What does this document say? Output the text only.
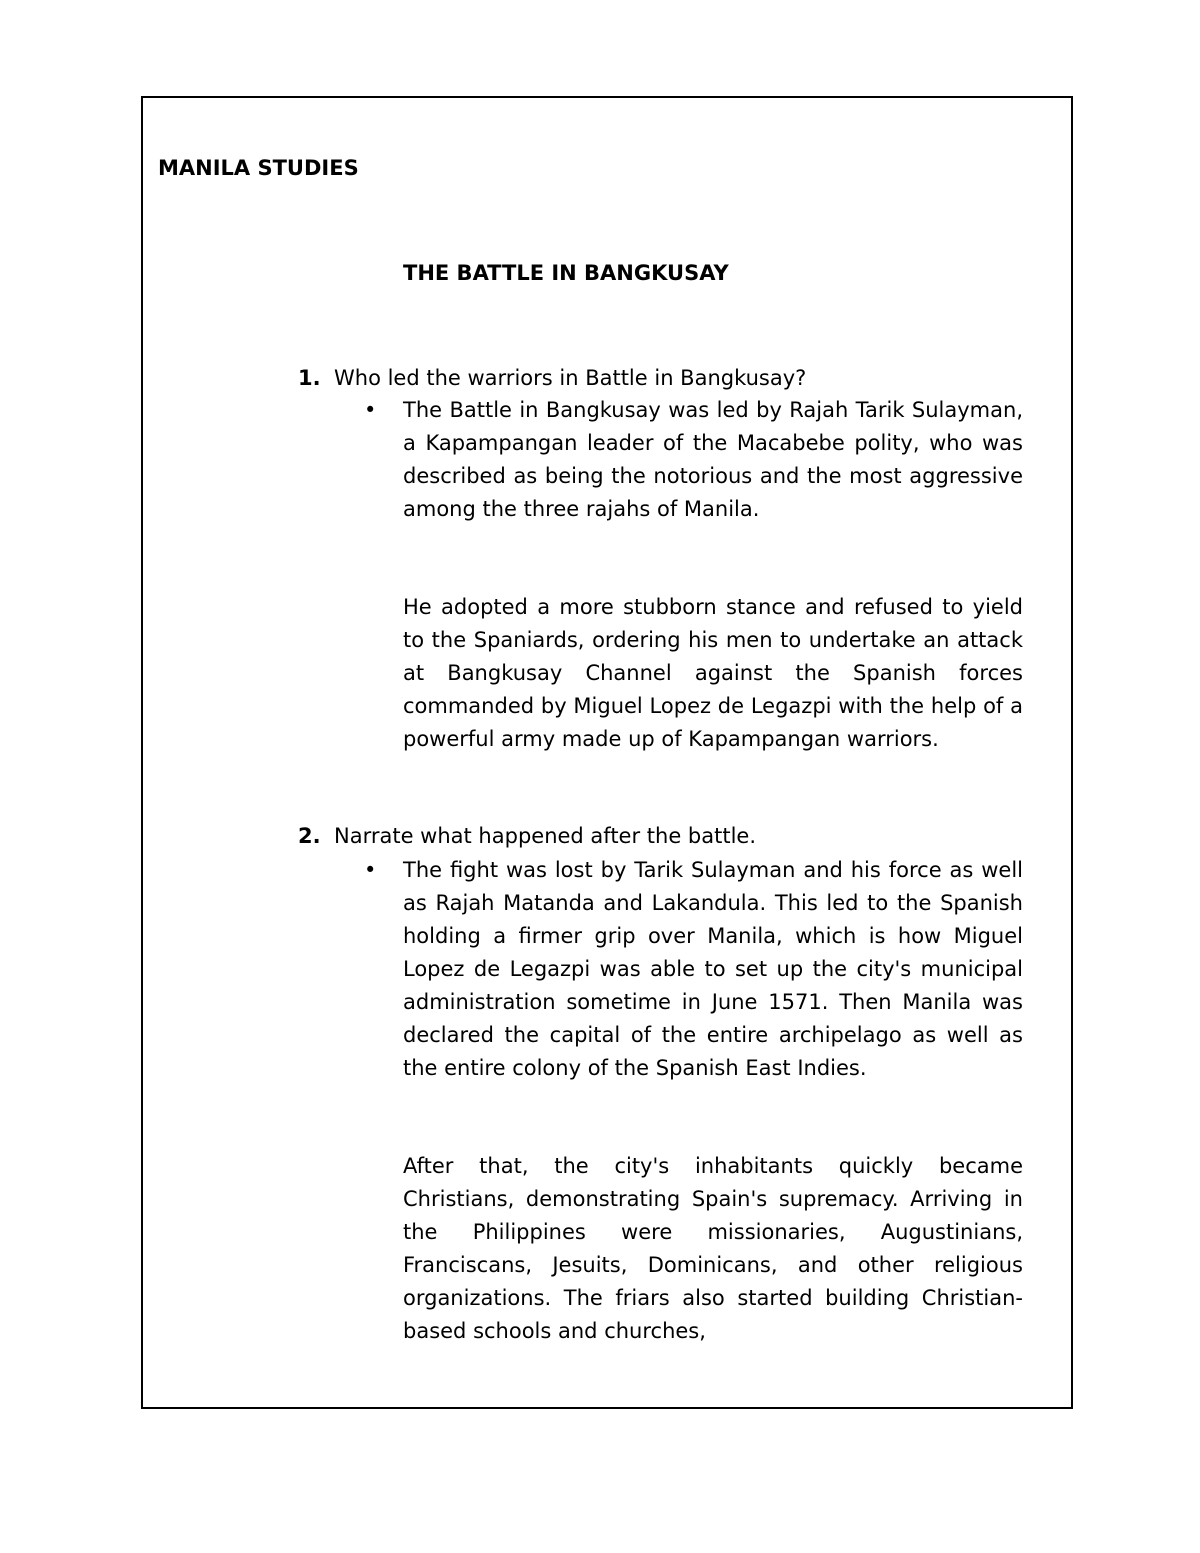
MANILA STUDIES
THE BATTLE IN BANGKUSAY
1. Who led the warriors in Battle in Bangkusay?
• The Battle in Bangkusay was led by Rajah Tarik Sulayman, a Kapampangan leader of the Macabebe polity, who was described as being the notorious and the most aggressive among the three rajahs of Manila.
He adopted a more stubborn stance and refused to yield to the Spaniards, ordering his men to undertake an attack at Bangkusay Channel against the Spanish forces commanded by Miguel Lopez de Legazpi with the help of a powerful army made up of Kapampangan warriors.
2. Narrate what happened after the battle.
• The fight was lost by Tarik Sulayman and his force as well as Rajah Matanda and Lakandula. This led to the Spanish holding a firmer grip over Manila, which is how Miguel Lopez de Legazpi was able to set up the city's municipal administration sometime in June 1571. Then Manila was declared the capital of the entire archipelago as well as the entire colony of the Spanish East Indies.
After that, the city's inhabitants quickly became Christians, demonstrating Spain's supremacy. Arriving in the Philippines were missionaries, Augustinians, Franciscans, Jesuits, Dominicans, and other religious organizations. The friars also started building Christian-based schools and churches,
